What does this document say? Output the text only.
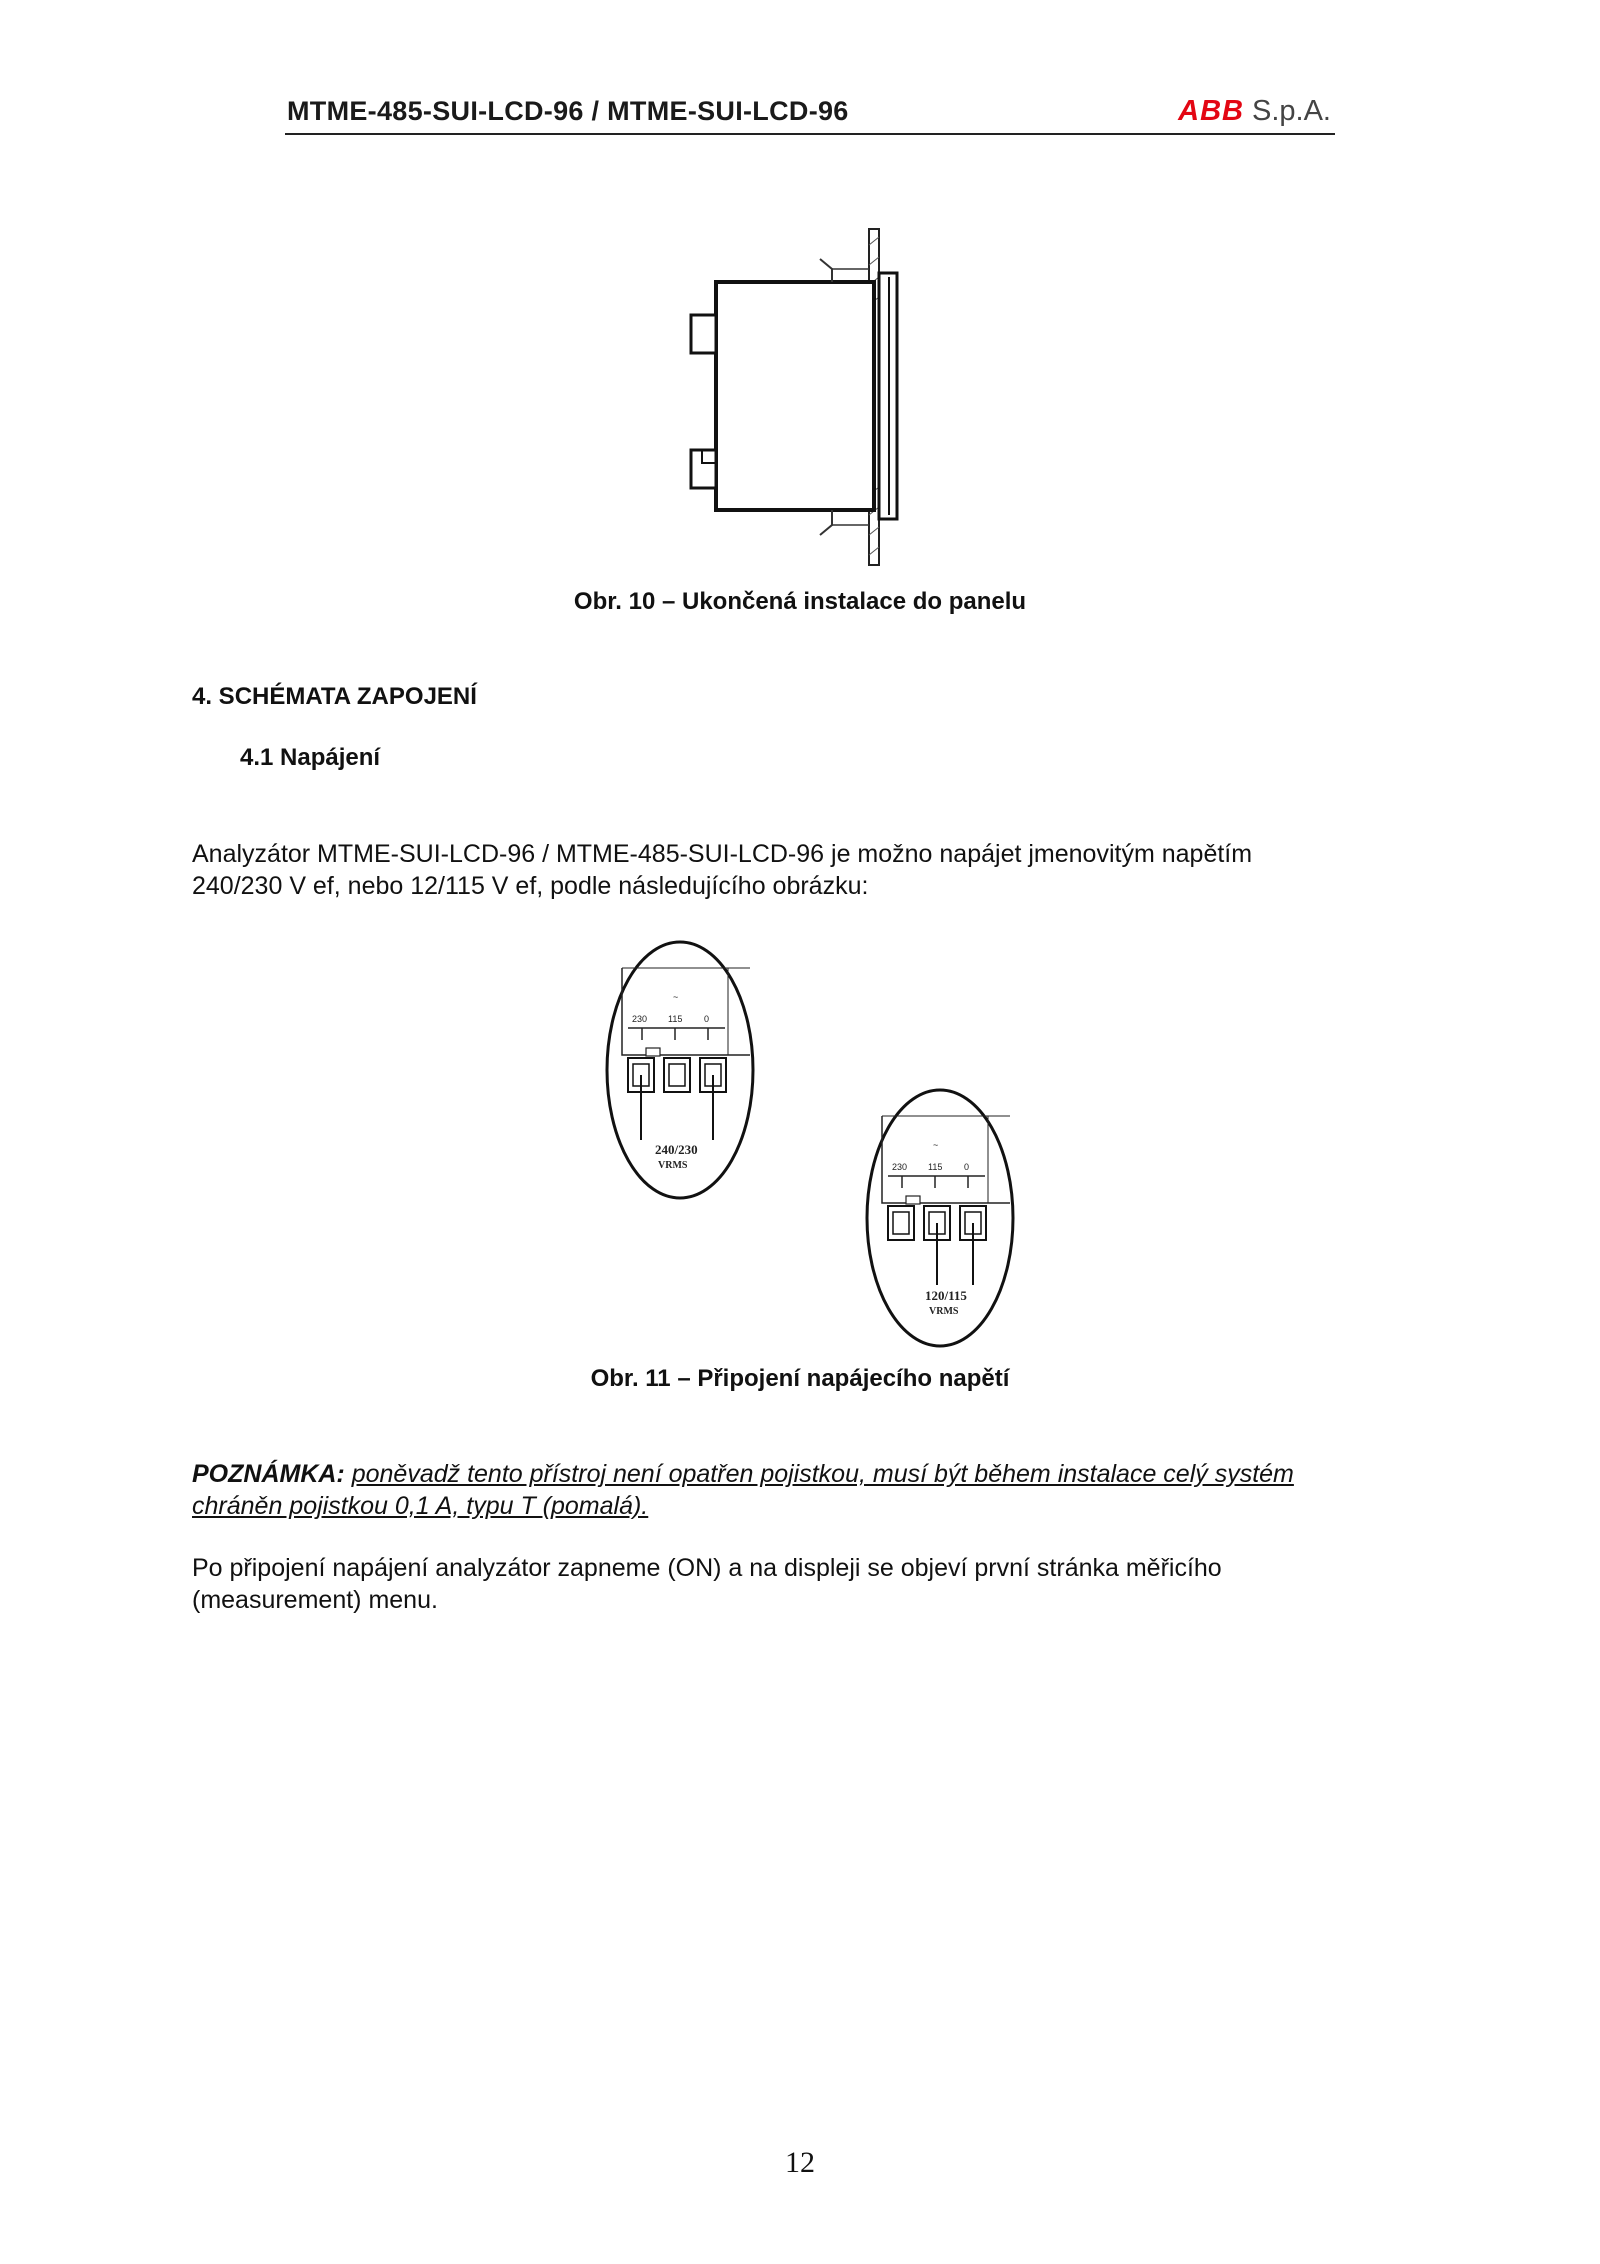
MTME-485-SUI-LCD-96 / MTME-SUI-LCD-96	ABB S.p.A.
Obr. 10 – Ukončená instalace do panelu
4. SCHÉMATA ZAPOJENÍ
4.1 Napájení
Analyzátor MTME-SUI-LCD-96 / MTME-485-SUI-LCD-96 je možno napájet jmenovitým napětím
240/230 V ef, nebo 12/115 V ef, podle následujícího obrázku:
~
230 115 0
240/230
VRMS
~
230 115 0
120/115
VRMS
Obr. 11 – Připojení napájecího napětí
POZNÁMKA: poněvadž tento přístroj není opatřen pojistkou, musí být během instalace celý systém
chráněn pojistkou 0,1 A, typu T (pomalá).
Po připojení napájení analyzátor zapneme (ON) a na displeji se objeví první stránka měřicího
(measurement) menu.
12
